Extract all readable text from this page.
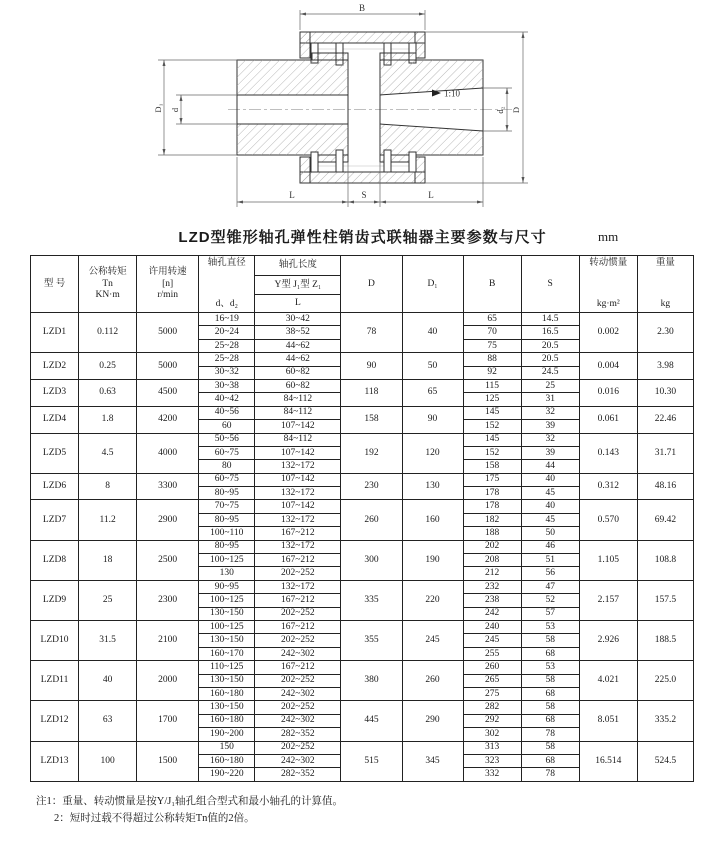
B
D₁ d	d₂ D
1:10
L	S	L
LZD型锥形轴孔弹性柱销齿式联轴器主要参数与尺寸	mm
型 号	
公称转矩
Tn
KN·m

许用转速
[n]
r/min

轴孔直径
d、d₂
	轴孔长度	D	D₁	B	S	
转动惯量
kg·m²

重量
kg

				Y型 J₁型 Z₁						
				L						
LZD1	0.112	5000	16~19	30~42	78	40	65	14.5	0.002	2.30
			20~24	38~52			70	16.5		
			25~28	44~62			75	20.5		
LZD2	0.25	5000	25~28	44~62	90	50	88	20.5	0.004	3.98
			30~32	60~82			92	24.5		
LZD3	0.63	4500	30~38	60~82	118	65	115	25	0.016	10.30
			40~42	84~112			125	31		
LZD4	1.8	4200	40~56	84~112	158	90	145	32	0.061	22.46
			60	107~142			152	39		
LZD5	4.5	4000	50~56	84~112	192	120	145	32	0.143	31.71
			60~75	107~142			152	39		
			80	132~172			158	44		
LZD6	8	3300	60~75	107~142	230	130	175	40	0.312	48.16
			80~95	132~172			178	45		
LZD7	11.2	2900	70~75	107~142	260	160	178	40	0.570	69.42
			80~95	132~172			182	45		
			100~110	167~212			188	50		
LZD8	18	2500	80~95	132~172	300	190	202	46	1.105	108.8
			100~125	167~212			208	51		
			130	202~252			212	56		
LZD9	25	2300	90~95	132~172	335	220	232	47	2.157	157.5
			100~125	167~212			238	52		
			130~150	202~252			242	57		
LZD10	31.5	2100	100~125	167~212	355	245	240	53	2.926	188.5
			130~150	202~252			245	58		
			160~170	242~302			255	68		
LZD11	40	2000	110~125	167~212	380	260	260	53	4.021	225.0
			130~150	202~252			265	58		
			160~180	242~302			275	68		
LZD12	63	1700	130~150	202~252	445	290	282	58	8.051	335.2
			160~180	242~302			292	68		
			190~200	282~352			302	78		
LZD13	100	1500	150	202~252	515	345	313	58	16.514	524.5
			160~180	242~302			323	68		
			190~220	282~352			332	78		
注1：重量、转动惯量是按Y/J₁轴孔组合型式和最小轴孔的计算值。
2：短时过载不得超过公称转矩Tn值的2倍。
